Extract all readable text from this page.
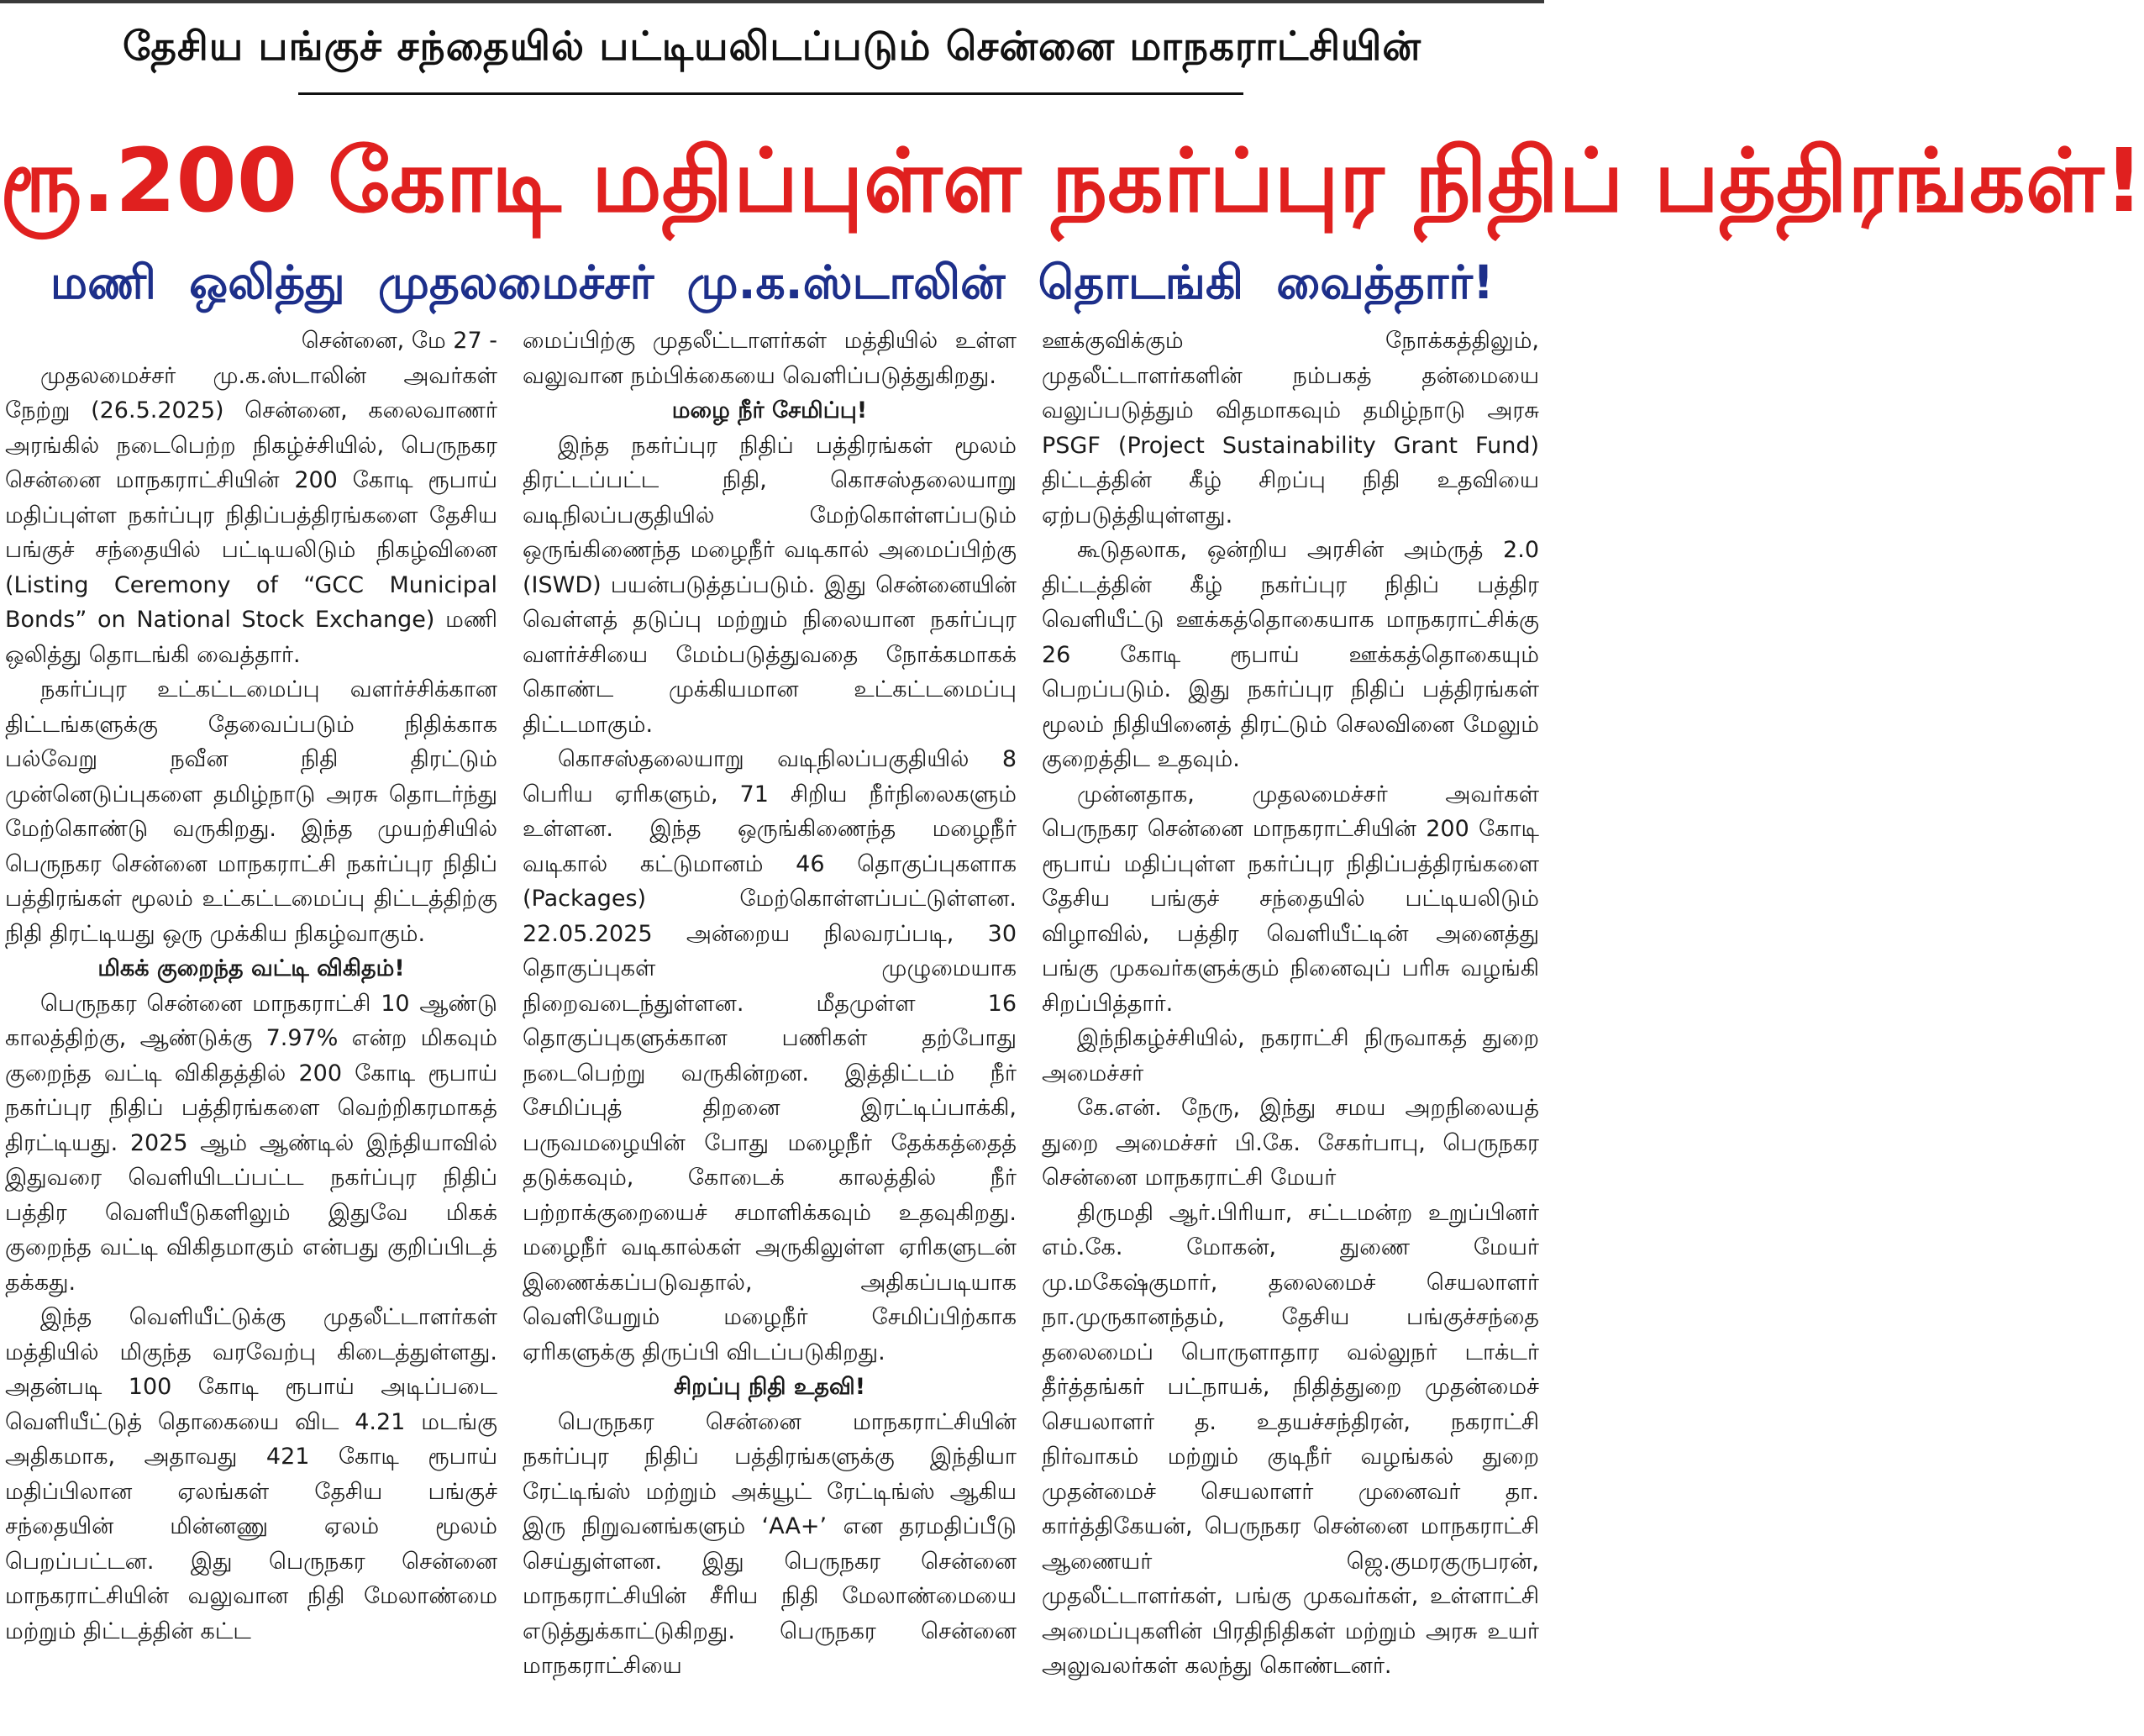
தேசிய பங்குச் சந்தையில் பட்டியலிடப்படும் சென்னை மாநகராட்சியின்
ரூ.200 கோடி மதிப்புள்ள நகர்ப்புர நிதிப் பத்திரங்கள்!
மணி ஒலித்து முதலமைச்சர் மு.க.ஸ்டாலின் தொடங்கி வைத்தார்!

சென்னை, மே 27 -

முதலமைச்சர் மு.க.ஸ்டாலின் அவர்கள் நேற்று (26.5.2025) சென்னை, கலைவாணர் அரங்கில் நடைபெற்ற நிகழ்ச்சியில், பெருநகர சென்னை மாநகராட்சியின் 200 கோடி ரூபாய் மதிப்புள்ள நகர்ப்புர நிதிப்பத்திரங்களை தேசிய பங்குச் சந்தையில் பட்டியலிடும் நிகழ்வினை (Listing Ceremony of “GCC Municipal Bonds” on National Stock Exchange) மணி ஒலித்து தொடங்கி வைத்தார்.

நகர்ப்புர உட்கட்டமைப்பு வளர்ச்சிக்கான திட்டங்களுக்கு தேவைப்படும் நிதிக்காக பல்வேறு நவீன நிதி திரட்டும் முன்னெடுப்புகளை தமிழ்நாடு அரசு தொடர்ந்து மேற்கொண்டு வருகிறது. இந்த முயற்சியில் பெருநகர சென்னை மாநகராட்சி நகர்ப்புர நிதிப் பத்திரங்கள் மூலம் உட்கட்டமைப்பு திட்டத்திற்கு நிதி திரட்டியது ஒரு முக்கிய நிகழ்வாகும்.

மிகக் குறைந்த வட்டி விகிதம்!

பெருநகர சென்னை மாநகராட்சி 10 ஆண்டு காலத்திற்கு, ஆண்டுக்கு 7.97% என்ற மிகவும் குறைந்த வட்டி விகிதத்தில் 200 கோடி ரூபாய் நகர்ப்புர நிதிப் பத்திரங்களை வெற்றிகரமாகத் திரட்டியது. 2025 ஆம் ஆண்டில் இந்தியாவில் இதுவரை வெளியிடப்பட்ட நகர்ப்புர நிதிப் பத்திர வெளியீடுகளிலும் இதுவே மிகக் குறைந்த வட்டி விகிதமாகும் என்பது குறிப்பிடத் தக்கது.

இந்த வெளியீட்டுக்கு முதலீட்டாளர்கள் மத்தியில் மிகுந்த வரவேற்பு கிடைத்துள்ளது. அதன்படி 100 கோடி ரூபாய் அடிப்படை வெளியீட்டுத் தொகையை விட 4.21 மடங்கு அதிகமாக, அதாவது 421 கோடி ரூபாய் மதிப்பிலான ஏலங்கள் தேசிய பங்குச் சந்தையின் மின்னணு ஏலம் மூலம் பெறப்பட்டன. இது பெருநகர சென்னை மாநகராட்சியின் வலுவான நிதி மேலாண்மை மற்றும் திட்டத்தின் கட்ட

மைப்பிற்கு முதலீட்டாளர்கள் மத்தியில் உள்ள வலுவான நம்பிக்கையை வெளிப்படுத்துகிறது.

மழை நீர் சேமிப்பு!

இந்த நகர்ப்புர நிதிப் பத்திரங்கள் மூலம் திரட்டப்பட்ட நிதி, கொசஸ்தலையாறு வடிநிலப்பகுதியில் மேற்கொள்ளப்படும் ஒருங்கிணைந்த மழைநீர் வடிகால் அமைப்பிற்கு (ISWD) பயன்படுத்தப்படும். இது சென்னையின் வெள்ளத் தடுப்பு மற்றும் நிலையான நகர்ப்புர வளர்ச்சியை மேம்படுத்துவதை நோக்கமாகக் கொண்ட முக்கியமான உட்கட்டமைப்பு திட்டமாகும்.

கொசஸ்தலையாறு வடிநிலப்பகுதியில் 8 பெரிய ஏரிகளும், 71 சிறிய நீர்நிலைகளும் உள்ளன. இந்த ஒருங்கிணைந்த மழைநீர் வடிகால் கட்டுமானம் 46 தொகுப்புகளாக (Packages) மேற்கொள்ளப்பட்டுள்ளன. 22.05.2025 அன்றைய நிலவரப்படி, 30 தொகுப்புகள் முழுமையாக நிறைவடைந்துள்ளன. மீதமுள்ள 16 தொகுப்புகளுக்கான பணிகள் தற்போது நடைபெற்று வருகின்றன. இத்திட்டம் நீர் சேமிப்புத் திறனை இரட்டிப்பாக்கி, பருவமழையின் போது மழைநீர் தேக்கத்தைத் தடுக்கவும், கோடைக் காலத்தில் நீர் பற்றாக்குறையைச் சமாளிக்கவும் உதவுகிறது. மழைநீர் வடிகால்கள் அருகிலுள்ள ஏரிகளுடன் இணைக்கப்படுவதால், அதிகப்படியாக வெளியேறும் மழைநீர் சேமிப்பிற்காக ஏரிகளுக்கு திருப்பி விடப்படுகிறது.

சிறப்பு நிதி உதவி!

பெருநகர சென்னை மாநகராட்சியின் நகர்ப்புர நிதிப் பத்திரங்களுக்கு இந்தியா ரேட்டிங்ஸ் மற்றும் அக்யூட் ரேட்டிங்ஸ் ஆகிய இரு நிறுவனங்களும் ‘AA+’ என தரமதிப்பீடு செய்துள்ளன. இது பெருநகர சென்னை மாநகராட்சியின் சீரிய நிதி மேலாண்மையை எடுத்துக்காட்டுகிறது. பெருநகர சென்னை மாநகராட்சியை

ஊக்குவிக்கும் நோக்கத்திலும், முதலீட்டாளர்களின் நம்பகத் தன்மையை வலுப்படுத்தும் விதமாகவும் தமிழ்நாடு அரசு PSGF (Project Sustainability Grant Fund) திட்டத்தின் கீழ் சிறப்பு நிதி உதவியை ஏற்படுத்தியுள்ளது.

கூடுதலாக, ஒன்றிய அரசின் அம்ருத் 2.0 திட்டத்தின் கீழ் நகர்ப்புர நிதிப் பத்திர வெளியீட்டு ஊக்கத்தொகையாக மாநகராட்சிக்கு 26 கோடி ரூபாய் ஊக்கத்தொகையும் பெறப்படும். இது நகர்ப்புர நிதிப் பத்திரங்கள் மூலம் நிதியினைத் திரட்டும் செலவினை மேலும் குறைத்திட உதவும்.

முன்னதாக, முதலமைச்சர் அவர்கள் பெருநகர சென்னை மாநகராட்சியின் 200 கோடி ரூபாய் மதிப்புள்ள நகர்ப்புர நிதிப்பத்திரங்களை தேசிய பங்குச் சந்தையில் பட்டியலிடும் விழாவில், பத்திர வெளியீட்டின் அனைத்து பங்கு முகவர்களுக்கும் நினைவுப் பரிசு வழங்கி சிறப்பித்தார்.

இந்நிகழ்ச்சியில், நகராட்சி நிருவாகத் துறை அமைச்சர்

கே.என். நேரு, இந்து சமய அறநிலையத் துறை அமைச்சர் பி.கே. சேகர்பாபு, பெருநகர சென்னை மாநகராட்சி மேயர்

திருமதி ஆர்.பிரியா, சட்டமன்ற உறுப்பினர் எம்.கே. மோகன், துணை மேயர் மு.மகேஷ்குமார், தலைமைச் செயலாளர் நா.முருகானந்தம், தேசிய பங்குச்சந்தை தலைமைப் பொருளாதார வல்லுநர் டாக்டர் தீர்த்தங்கர் பட்நாயக், நிதித்துறை முதன்மைச் செயலாளர் த. உதயச்சந்திரன், நகராட்சி நிர்வாகம் மற்றும் குடிநீர் வழங்கல் துறை முதன்மைச் செயலாளர் முனைவர் தா. கார்த்திகேயன், பெருநகர சென்னை மாநகராட்சி ஆணையர் ஜெ.குமரகுருபரன், முதலீட்டாளர்கள், பங்கு முகவர்கள், உள்ளாட்சி அமைப்புகளின் பிரதிநிதிகள் மற்றும் அரசு உயர் அலுவலர்கள் கலந்து கொண்டனர்.
